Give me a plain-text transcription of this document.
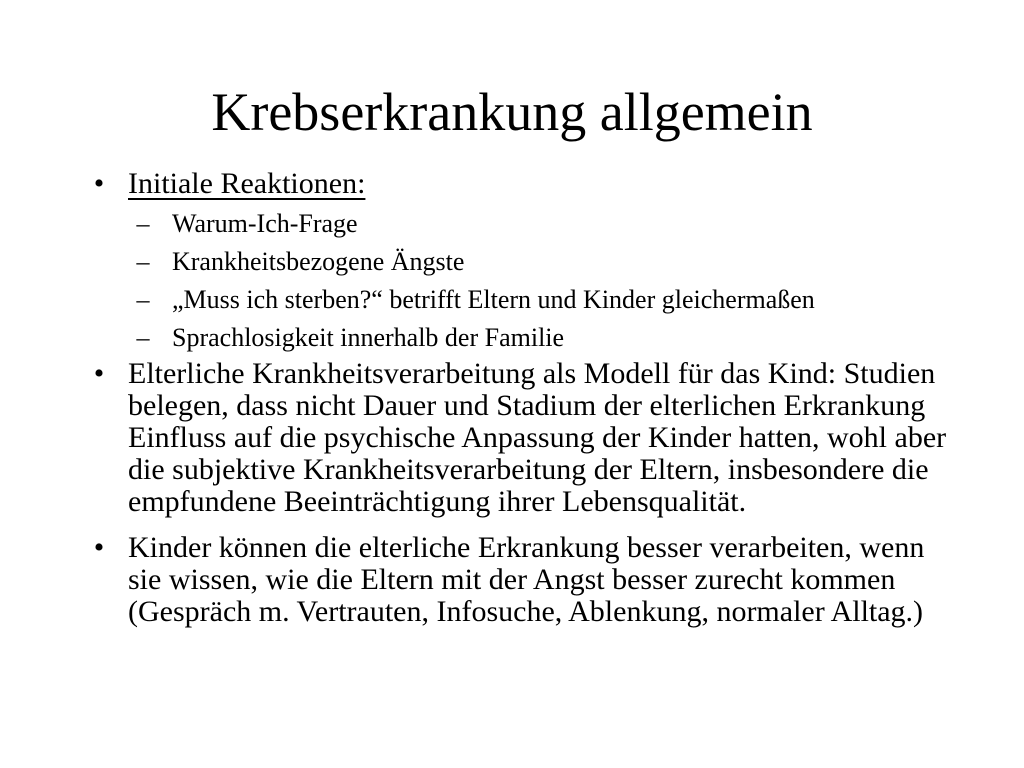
Krebserkrankung allgemein
• Initiale Reaktionen:
– Warum-Ich-Frage
– Krankheitsbezogene Ängste
– „Muss ich sterben?“ betrifft Eltern und Kinder gleichermaßen
– Sprachlosigkeit innerhalb der Familie
• Elterliche Krankheitsverarbeitung als Modell für das Kind: Studien belegen, dass nicht Dauer und Stadium der elterlichen Erkrankung Einfluss auf die psychische Anpassung der Kinder hatten, wohl aber die subjektive Krankheitsverarbeitung der Eltern, insbesondere die empfundene Beeinträchtigung ihrer Lebensqualität.
• Kinder können die elterliche Erkrankung besser verarbeiten, wenn sie wissen, wie die Eltern mit der Angst besser zurecht kommen (Gespräch m. Vertrauten, Infosuche, Ablenkung, normaler Alltag.)
